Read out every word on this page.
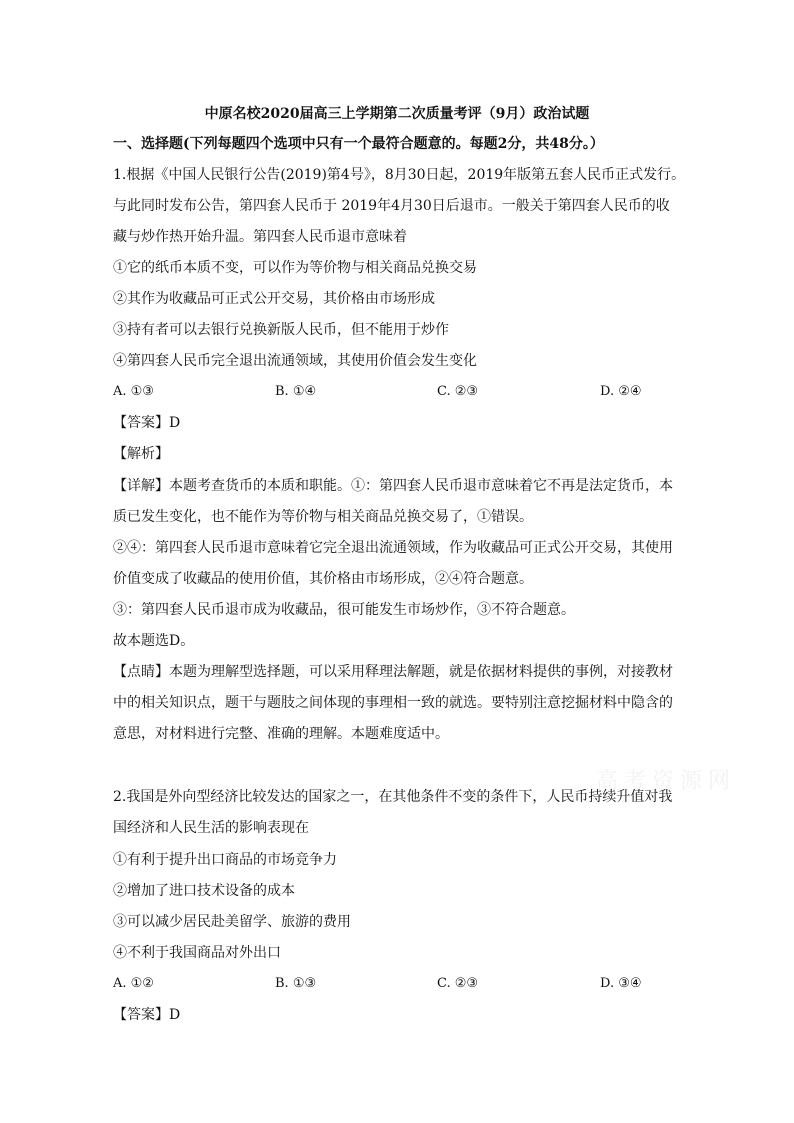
中原名校2020届高三上学期第二次质量考评（9月）政治试题
一、选择题(下列每题四个选项中只有一个最符合题意的。每题2分，共48分。）
1.根据《中国人民银行公告(2019)第4号》，8月30日起，2019年版第五套人民币正式发行。
与此同时发布公告，第四套人民币于 2019年4月30日后退市。一般关于第四套人民币的收
藏与炒作热开始升温。第四套人民币退市意味着
①它的纸币本质不变，可以作为等价物与相关商品兑换交易
②其作为收藏品可正式公开交易，其价格由市场形成
③持有者可以去银行兑换新版人民币，但不能用于炒作
④第四套人民币完全退出流通领域，其使用价值会发生变化
A. ①③	B. ①④	C. ②③	D. ②④
【答案】D
【解析】
【详解】本题考查货币的本质和职能。①：第四套人民币退市意味着它不再是法定货币，本
质已发生变化，也不能作为等价物与相关商品兑换交易了，①错误。
②④：第四套人民币退市意味着它完全退出流通领域，作为收藏品可正式公开交易，其使用
价值变成了收藏品的使用价值，其价格由市场形成，②④符合题意。
③：第四套人民币退市成为收藏品，很可能发生市场炒作，③不符合题意。
故本题选D。
【点睛】本题为理解型选择题，可以采用释理法解题，就是依据材料提供的事例，对接教材
中的相关知识点，题干与题肢之间体现的事理相一致的就选。要特别注意挖掘材料中隐含的
意思，对材料进行完整、准确的理解。本题难度适中。
高考资源网
2.我国是外向型经济比较发达的国家之一，在其他条件不变的条件下，人民币持续升值对我
国经济和人民生活的影响表现在
①有利于提升出口商品的市场竞争力
②增加了进口技术设备的成本
③可以减少居民赴美留学、旅游的费用
④不利于我国商品对外出口
A. ①②	B. ①③	C. ②③	D. ③④
【答案】D
